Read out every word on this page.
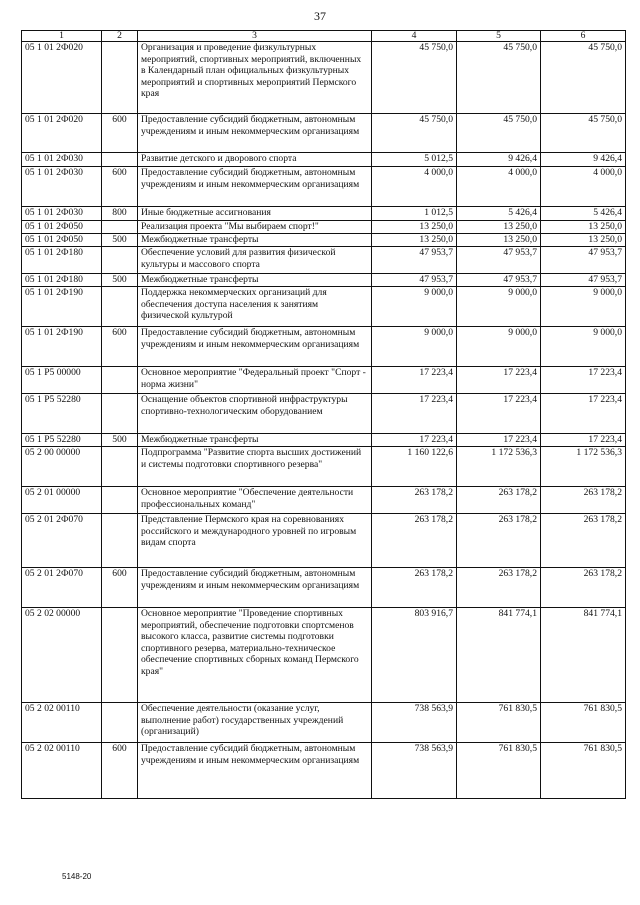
37
1	2	3	4	5	6
05 1 01 2Ф020		Организация и проведение физкультурных мероприятий, спортивных мероприятий, включенных в Календарный план официальных физкультурных мероприятий и спортивных мероприятий Пермского края	45 750,0	45 750,0	45 750,0
05 1 01 2Ф020	600	Предоставление субсидий бюджетным, автономным учреждениям и иным некоммерческим организациям	45 750,0	45 750,0	45 750,0
05 1 01 2Ф030		Развитие детского и дворового спорта	5 012,5	9 426,4	9 426,4
05 1 01 2Ф030	600	Предоставление субсидий бюджетным, автономным учреждениям и иным некоммерческим организациям	4 000,0	4 000,0	4 000,0
05 1 01 2Ф030	800	Иные бюджетные ассигнования	1 012,5	5 426,4	5 426,4
05 1 01 2Ф050		Реализация проекта "Мы выбираем спорт!"	13 250,0	13 250,0	13 250,0
05 1 01 2Ф050	500	Межбюджетные трансферты	13 250,0	13 250,0	13 250,0
05 1 01 2Ф180		Обеспечение условий для развития физической культуры и массового спорта	47 953,7	47 953,7	47 953,7
05 1 01 2Ф180	500	Межбюджетные трансферты	47 953,7	47 953,7	47 953,7
05 1 01 2Ф190		Поддержка некоммерческих организаций для обеспечения доступа населения к занятиям физической культурой	9 000,0	9 000,0	9 000,0
05 1 01 2Ф190	600	Предоставление субсидий бюджетным, автономным учреждениям и иным некоммерческим организациям	9 000,0	9 000,0	9 000,0
05 1 P5 00000		Основное мероприятие "Федеральный проект "Спорт - норма жизни"	17 223,4	17 223,4	17 223,4
05 1 P5 52280		Оснащение объектов спортивной инфраструктуры спортивно-технологическим оборудованием	17 223,4	17 223,4	17 223,4
05 1 P5 52280	500	Межбюджетные трансферты	17 223,4	17 223,4	17 223,4
05 2 00 00000		Подпрограмма "Развитие спорта высших достижений и системы подготовки спортивного резерва"	1 160 122,6	1 172 536,3	1 172 536,3
05 2 01 00000		Основное мероприятие "Обеспечение деятельности профессиональных команд"	263 178,2	263 178,2	263 178,2
05 2 01 2Ф070		Представление Пермского края на соревнованиях российского и международного уровней по игровым видам спорта	263 178,2	263 178,2	263 178,2
05 2 01 2Ф070	600	Предоставление субсидий бюджетным, автономным учреждениям и иным некоммерческим организациям	263 178,2	263 178,2	263 178,2
05 2 02 00000		Основное мероприятие "Проведение спортивных мероприятий, обеспечение подготовки спортсменов высокого класса, развитие системы подготовки спортивного резерва, материально-техническое обеспечение спортивных сборных команд Пермского края"	803 916,7	841 774,1	841 774,1
05 2 02 00110		Обеспечение деятельности (оказание услуг, выполнение работ) государственных учреждений (организаций)	738 563,9	761 830,5	761 830,5
05 2 02 00110	600	Предоставление субсидий бюджетным, автономным учреждениям и иным некоммерческим организациям	738 563,9	761 830,5	761 830,5
5148-20
